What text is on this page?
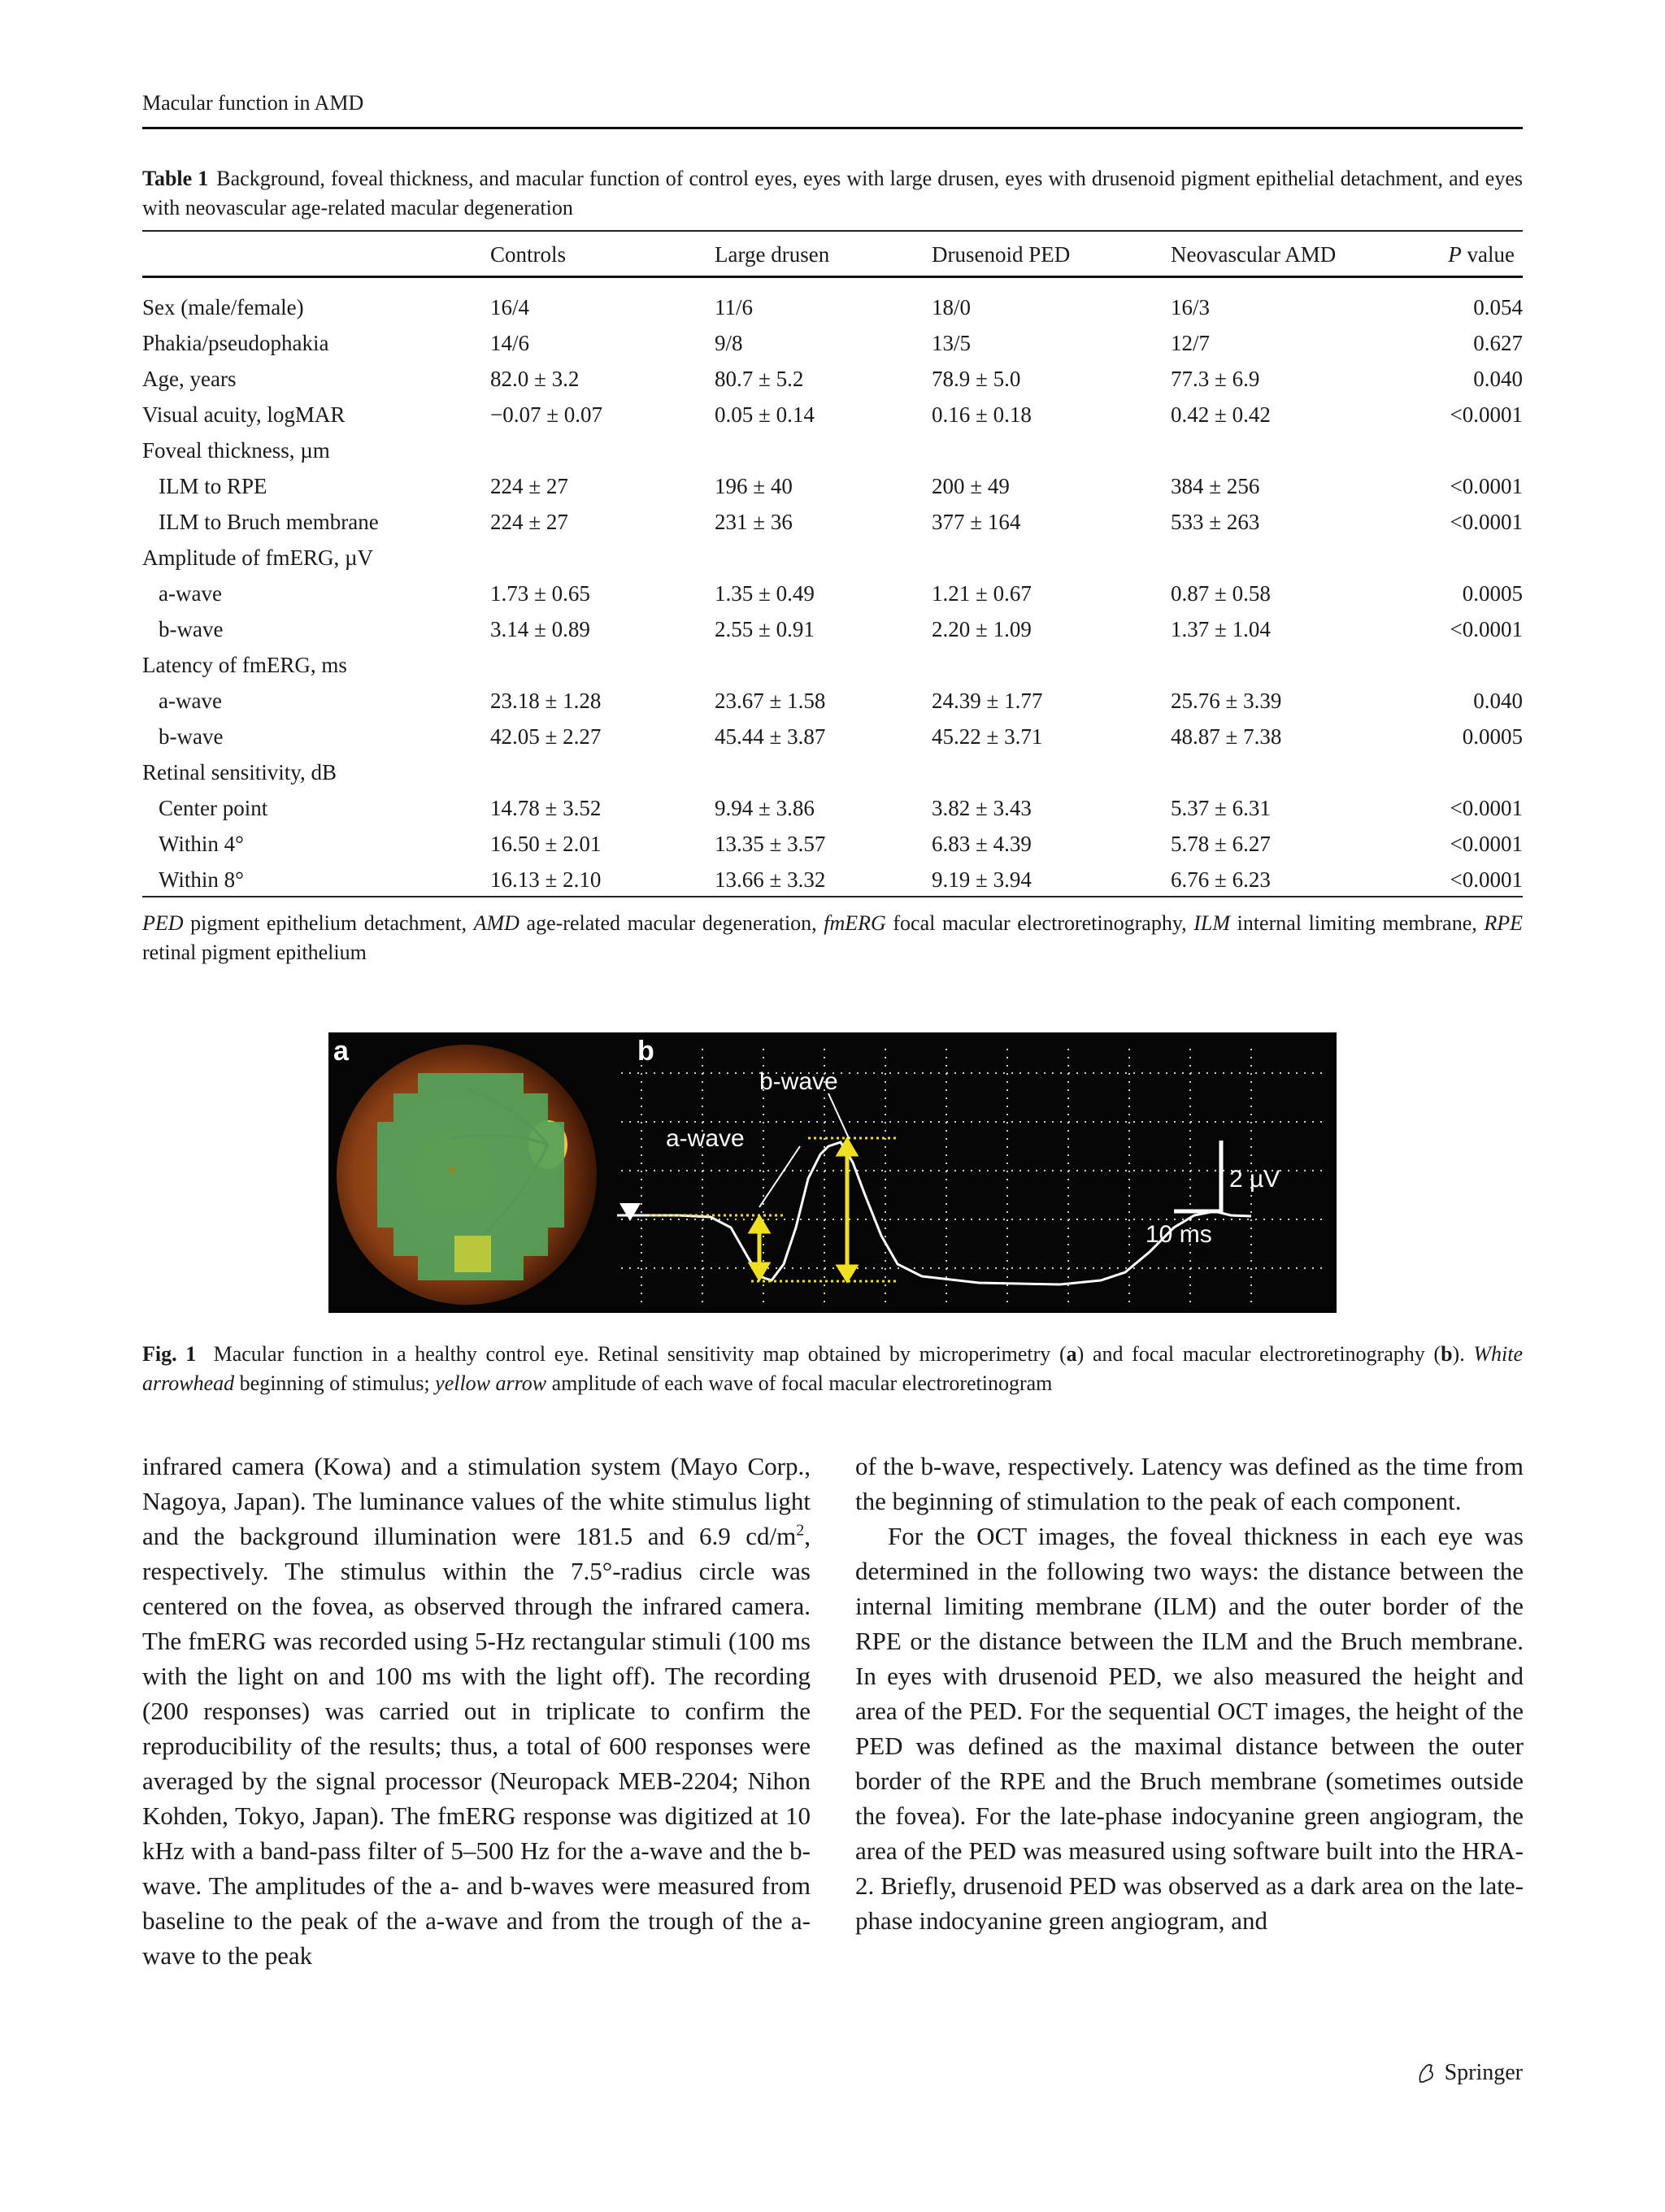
Macular function in AMD
Table 1 Background, foveal thickness, and macular function of control eyes, eyes with large drusen, eyes with drusenoid pigment epithelial detachment, and eyes with neovascular age-related macular degeneration
	Controls	Large drusen	Drusenoid PED	Neovascular AMD	P value

Sex (male/female)	16/4	11/6	18/0	16/3	0.054
Phakia/pseudophakia	14/6	9/8	13/5	12/7	0.627
Age, years	82.0 ± 3.2	80.7 ± 5.2	78.9 ± 5.0	77.3 ± 6.9	0.040
Visual acuity, logMAR	−0.07 ± 0.07	0.05 ± 0.14	0.16 ± 0.18	0.42 ± 0.42	<0.0001
Foveal thickness, µm					
ILM to RPE	224 ± 27	196 ± 40	200 ± 49	384 ± 256	<0.0001
ILM to Bruch membrane	224 ± 27	231 ± 36	377 ± 164	533 ± 263	<0.0001
Amplitude of fmERG, µV					
a-wave	1.73 ± 0.65	1.35 ± 0.49	1.21 ± 0.67	0.87 ± 0.58	0.0005
b-wave	3.14 ± 0.89	2.55 ± 0.91	2.20 ± 1.09	1.37 ± 1.04	<0.0001
Latency of fmERG, ms					
a-wave	23.18 ± 1.28	23.67 ± 1.58	24.39 ± 1.77	25.76 ± 3.39	0.040
b-wave	42.05 ± 2.27	45.44 ± 3.87	45.22 ± 3.71	48.87 ± 7.38	0.0005
Retinal sensitivity, dB					
Center point	14.78 ± 3.52	9.94 ± 3.86	3.82 ± 3.43	5.37 ± 6.31	<0.0001
Within 4°	16.50 ± 2.01	13.35 ± 3.57	6.83 ± 4.39	5.78 ± 6.27	<0.0001
Within 8°	16.13 ± 2.10	13.66 ± 3.32	9.19 ± 3.94	6.76 ± 6.23	<0.0001
PED pigment epithelium detachment, AMD age-related macular degeneration, fmERG focal macular electroretinography, ILM internal limiting membrane, RPE retinal pigment epithelium
a	b
b-wave
a-wave
2 µV
10 ms
Fig. 1 Macular function in a healthy control eye. Retinal sensitivity map obtained by microperimetry (a) and focal macular electroretinography (b). White arrowhead beginning of stimulus; yellow arrow amplitude of each wave of focal macular electroretinogram

infrared camera (Kowa) and a stimulation system (Mayo Corp., Nagoya, Japan). The luminance values of the white stimulus light and the background illumination were 181.5 and 6.9 $cd/m^2$, respectively. The stimulus within the 7.5°-radius circle was centered on the fovea, as observed through the infrared camera. The fmERG was recorded using 5-Hz rectangular stimuli (100 ms with the light on and 100 ms with the light off). The recording (200 responses) was carried out in triplicate to confirm the reproducibility of the results; thus, a total of 600 responses were averaged by the signal processor (Neuropack MEB-2204; Nihon Kohden, Tokyo, Japan). The fmERG response was digitized at 10 kHz with a band-pass filter of 5–500 Hz for the a-wave and the b-wave. The amplitudes of the a- and b-waves were measured from baseline to the peak of the a-wave and from the trough of the a-wave to the peak

of the b-wave, respectively. Latency was defined as the time from the beginning of stimulation to the peak of each component.

For the OCT images, the foveal thickness in each eye was determined in the following two ways: the distance between the internal limiting membrane (ILM) and the outer border of the RPE or the distance between the ILM and the Bruch membrane. In eyes with drusenoid PED, we also measured the height and area of the PED. For the sequential OCT images, the height of the PED was defined as the maximal distance between the outer border of the RPE and the Bruch membrane (sometimes outside the fovea). For the late-phase indocyanine green angiogram, the area of the PED was measured using software built into the HRA-2. Briefly, drusenoid PED was observed as a dark area on the late-phase indocyanine green angiogram, and

Springer
